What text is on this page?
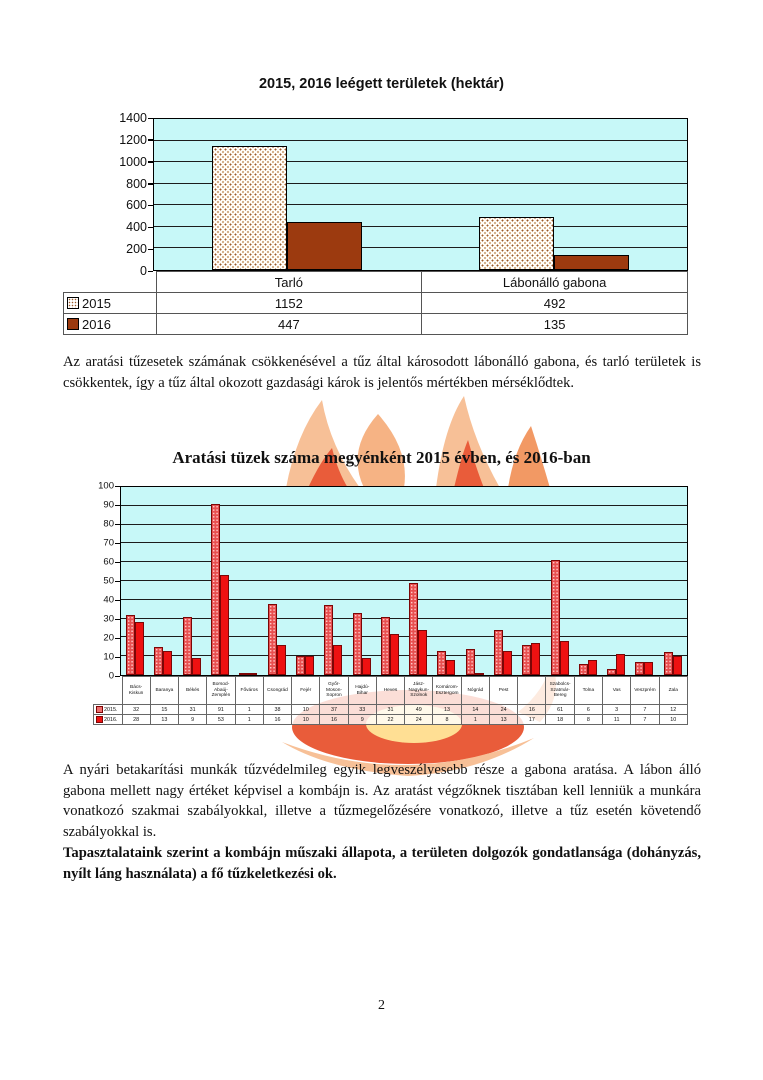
2015, 2016 leégett területek (hektár)
1400
1200
1000
800
600
400
200
0
	Tarló	Lábonálló gabona

2015	1152	492

2016	447	135
Az aratási tűzesetek számának csökkenésével a tűz által károsodott lábonálló gabona, és tarló területek is csökkentek, így a tűz által okozott gazdasági károk is jelentős mértékben mérséklődtek.
Aratási tüzek száma megyénként 2015 évben, és 2016-ban
100
90
80
70
60
50
40
30
20
10
0
	Bács-Kiskun	Baranya	Békés	Borsod-Abaúj-Zemplén	Főváros	Csongrád	Fejér	Győr-Moson-Sopron	Hajdú-Bihar	Heves	Jász-Nagykun-Szolnok	Komárom-Esztergom	Nógrád	Pest		Szabolcs-Szatmár-Bereg	Tolna	Vas	Veszprém	Zala

2015.	32	15	31	91	1	38	10	37	33	31	49	13	14	24	16	61	6	3	7	12

2016.	28	13	9	53	1	16	10	16	9	22	24	8	1	13	17	18	8	11	7	10

A nyári betakarítási munkák tűzvédelmileg egyik legveszélyesebb része a gabona aratása. A lábon álló gabona mellett nagy értéket képvisel a kombájn is. Az aratást végzőknek tisztában kell lenniük a munkára vonatkozó szakmai szabályokkal, illetve a tűzmegelőzésére vonatkozó, illetve a tűz esetén követendő szabályokkal is.

Tapasztalataink szerint a kombájn műszaki állapota, a területen dolgozók gondatlansága (dohányzás, nyílt láng használata) a fő tűzkeletkezési ok.

2
